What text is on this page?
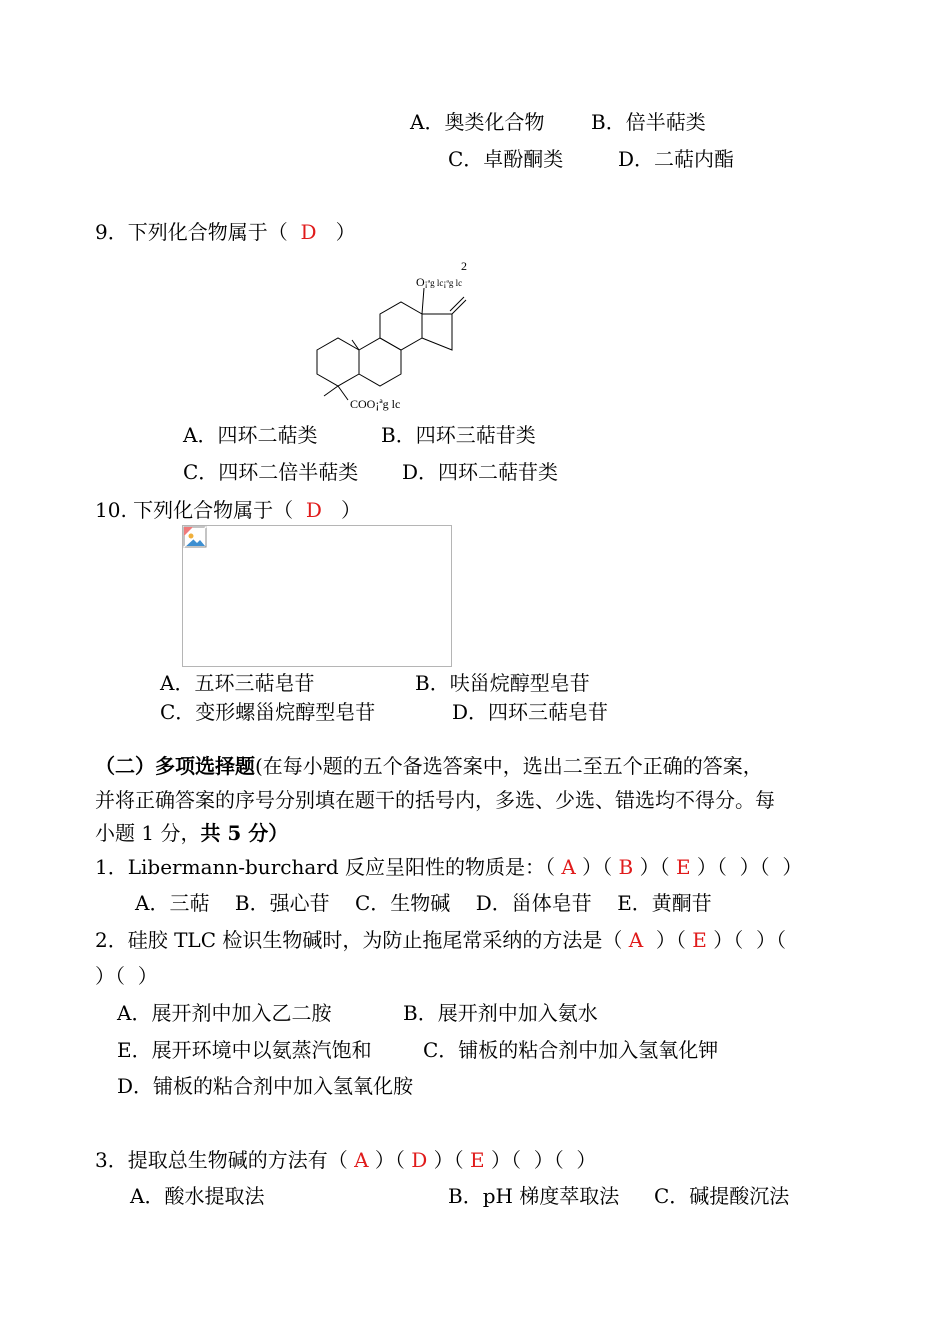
A．奥类化合物 B．倍半萜类
C．卓酚酮类	D．二萜内酯
9．下列化合物属于（ D ）
O¡ªg lc¡ªg lc
2
COO¡ªg lc
A．四环二萜类	B．四环三萜苷类
C．四环二倍半萜类 D．四环二萜苷类
10. 下列化合物属于（ D ）
A．五环三萜皂苷	B．呋甾烷醇型皂苷
C．变形螺甾烷醇型皂苷	D．四环三萜皂苷
（二）多项选择题(在每小题的五个备选答案中，选出二至五个正确的答案，
并将正确答案的序号分别填在题干的括号内，多选、少选、错选均不得分。每
小题 1 分，共 5 分）
1．Libermann-burchard 反应呈阳性的物质是：（ A ）（ B ）（ E ）（  ）（  ）
A．三萜    B．强心苷    C．生物碱    D．甾体皂苷    E．黄酮苷
2．硅胶 TLC 检识生物碱时，为防止拖尾常采纳的方法是（ A  ）（ E ）（  ）（
）（  ）
A．展开剂中加入乙二胺	B．展开剂中加入氨水
E．展开环境中以氨蒸汽饱和	C．铺板的粘合剂中加入氢氧化钾
D．铺板的粘合剂中加入氢氧化胺
3．提取总生物碱的方法有（ A ）（ D ）（ E ）（  ）（  ）
A．酸水提取法	B．pH 梯度萃取法 C．碱提酸沉法
